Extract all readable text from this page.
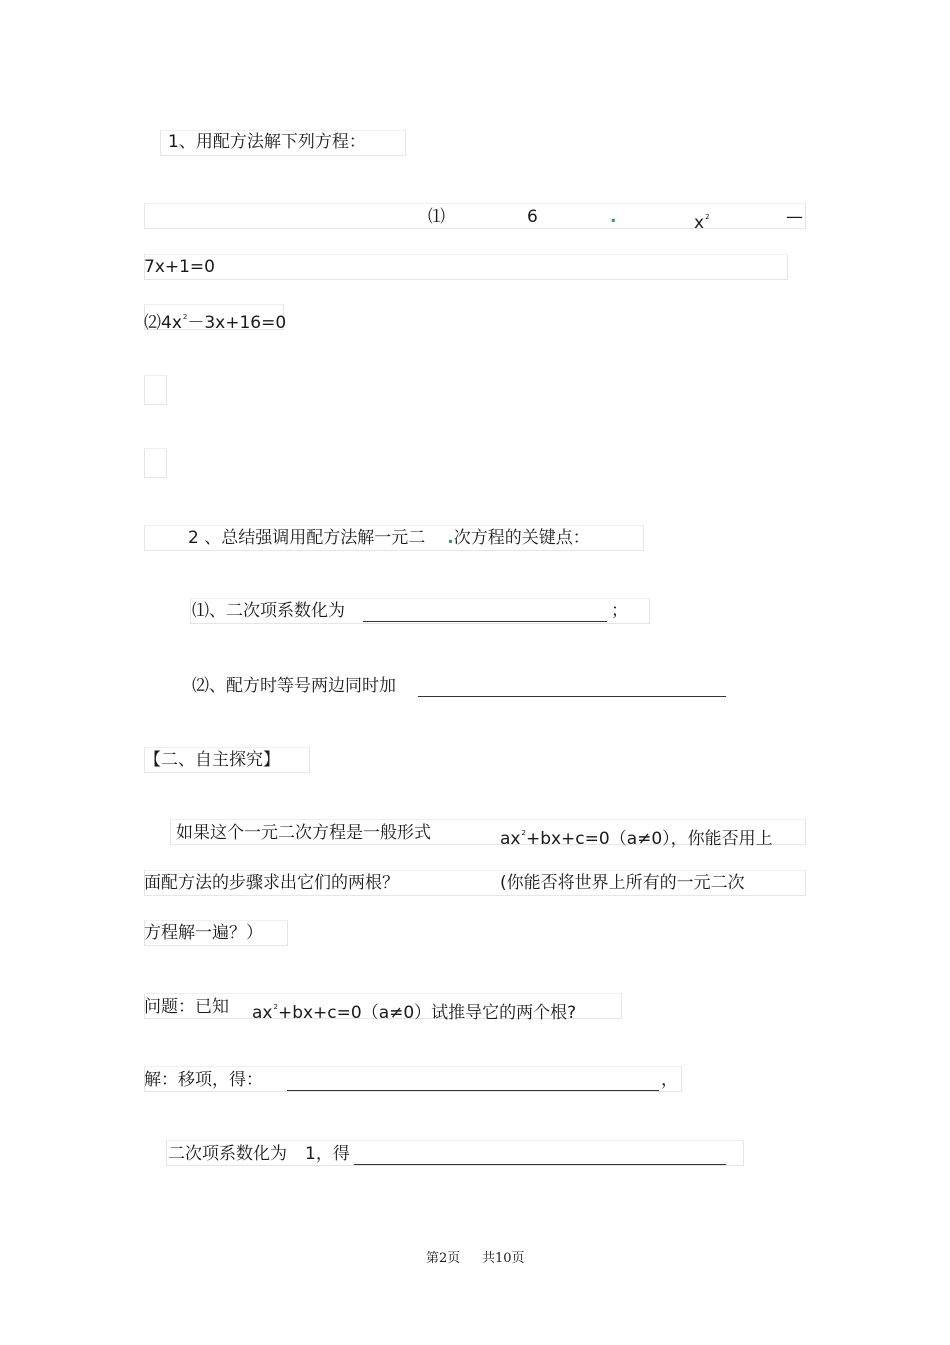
1、用配方法解下列方程：
⑴	6	.	$x^2$	—
7x+1=0
$⑵4x^2-3x+16=0$
2 、总结强调用配方法解一元二 .次方程的关键点：
⑴、二次项系数化为	；
⑵、配方时等号两边同时加
【二、自主探究】
如果这个一元二次方程是一般形式	$ax^2+bx+c=0(a\ne 0)$，你能否用上
面配方法的步骤求出它们的两根？	(你能否将世界上所有的一元二次
方程解一遍？）
问题：已知 $ax^2+bx+c=0(a\ne 0)$试推导它的两个根?
解：移项，得：	，
二次项系数化为 1，得
第2页 共10页
